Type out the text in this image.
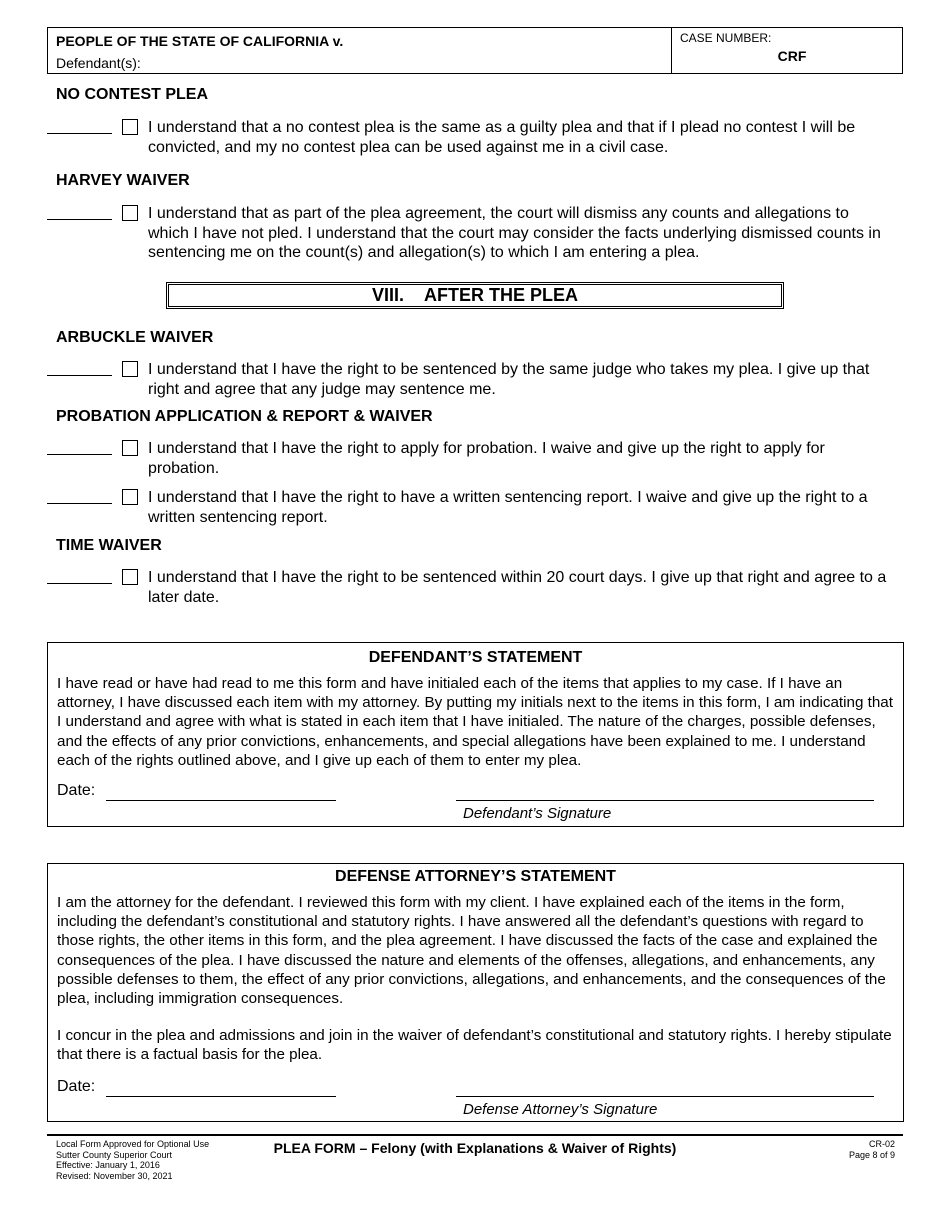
PEOPLE OF THE STATE OF CALIFORNIA v.
Defendant(s):
CASE NUMBER:
CRF
NO CONTEST PLEA
I understand that a no contest plea is the same as a guilty plea and that if I plead no contest I will be convicted, and my no contest plea can be used against me in a civil case.
HARVEY WAIVER
I understand that as part of the plea agreement, the court will dismiss any counts and allegations to which I have not pled. I understand that the court may consider the facts underlying dismissed counts in sentencing me on the count(s) and allegation(s) to which I am entering a plea.
VIII. AFTER THE PLEA
ARBUCKLE WAIVER
I understand that I have the right to be sentenced by the same judge who takes my plea. I give up that right and agree that any judge may sentence me.
PROBATION APPLICATION & REPORT & WAIVER
I understand that I have the right to apply for probation. I waive and give up the right to apply for probation.
I understand that I have the right to have a written sentencing report. I waive and give up the right to a written sentencing report.
TIME WAIVER
I understand that I have the right to be sentenced within 20 court days. I give up that right and agree to a later date.
DEFENDANT’S STATEMENT
I have read or have had read to me this form and have initialed each of the items that applies to my case. If I have an attorney, I have discussed each item with my attorney. By putting my initials next to the items in this form, I am indicating that I understand and agree with what is stated in each item that I have initialed. The nature of the charges, possible defenses, and the effects of any prior convictions, enhancements, and special allegations have been explained to me. I understand each of the rights outlined above, and I give up each of them to enter my plea.
Date:
Defendant’s Signature
DEFENSE ATTORNEY’S STATEMENT
I am the attorney for the defendant. I reviewed this form with my client. I have explained each of the items in the form, including the defendant’s constitutional and statutory rights. I have answered all the defendant’s questions with regard to those rights, the other items in this form, and the plea agreement. I have discussed the facts of the case and explained the consequences of the plea. I have discussed the nature and elements of the offenses, allegations, and enhancements, any possible defenses to them, the effect of any prior convictions, allegations, and enhancements, and the consequences of the plea, including immigration consequences.
I concur in the plea and admissions and join in the waiver of defendant’s constitutional and statutory rights. I hereby stipulate that there is a factual basis for the plea.
Date:
Defense Attorney’s Signature
Local Form Approved for Optional Use
Sutter County Superior Court
Effective: January 1, 2016
Revised: November 30, 2021
PLEA FORM – Felony (with Explanations & Waiver of Rights)	CR-02
Page 8 of 9
